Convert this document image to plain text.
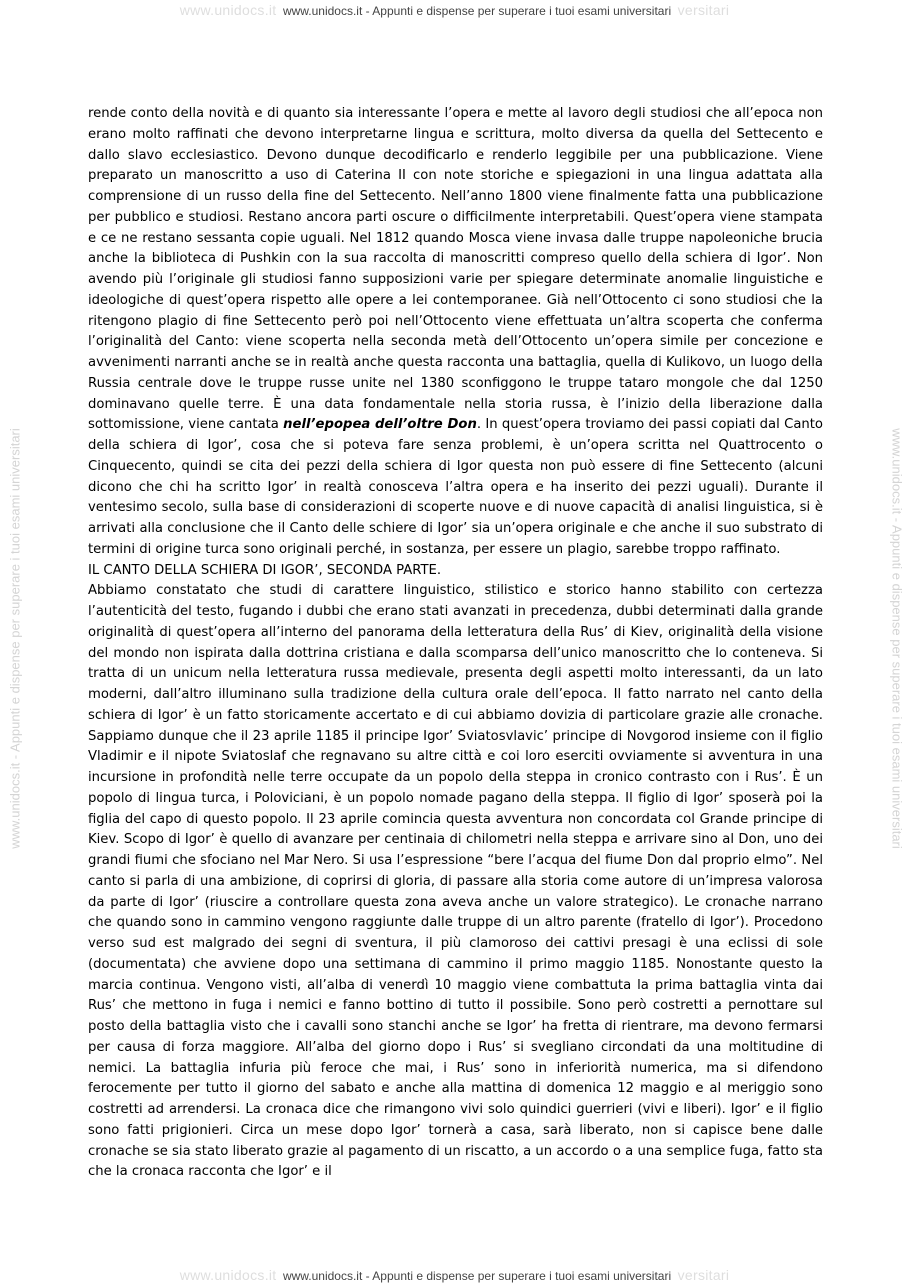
www.unidocs.it www.unidocs.it - Appunti e dispense per superare i tuoi esami universitari versitari
www.unidocs.it - Appunti e dispense per superare i tuoi esami universitari	www.unidocs.it - Appunti e dispense per superare i tuoi esami universitari

rende conto della novità e di quanto sia interessante l’opera e mette al lavoro degli studiosi che all’epoca non erano molto raffinati che devono interpretarne lingua e scrittura, molto diversa da quella del Settecento e dallo slavo ecclesiastico. Devono dunque decodificarlo e renderlo leggibile per una pubblicazione. Viene preparato un manoscritto a uso di Caterina II con note storiche e spiegazioni in una lingua adattata alla comprensione di un russo della fine del Settecento. Nell’anno 1800 viene finalmente fatta una pubblicazione per pubblico e studiosi. Restano ancora parti oscure o difficilmente interpretabili. Quest’opera viene stampata e ce ne restano sessanta copie uguali. Nel 1812 quando Mosca viene invasa dalle truppe napoleoniche brucia anche la biblioteca di Pushkin con la sua raccolta di manoscritti compreso quello della schiera di Igor’. Non avendo più l’originale gli studiosi fanno supposizioni varie per spiegare determinate anomalie linguistiche e ideologiche di quest’opera rispetto alle opere a lei contemporanee. Già nell’Ottocento ci sono studiosi che la ritengono plagio di fine Settecento però poi nell’Ottocento viene effettuata un’altra scoperta che conferma l’originalità del Canto: viene scoperta nella seconda metà dell’Ottocento un’opera simile per concezione e avvenimenti narranti anche se in realtà anche questa racconta una battaglia, quella di Kulikovo, un luogo della Russia centrale dove le truppe russe unite nel 1380 sconfiggono le truppe tataro mongole che dal 1250 dominavano quelle terre. È una data fondamentale nella storia russa, è l’inizio della liberazione dalla sottomissione, viene cantata nell’epopea dell’oltre Don. In quest’opera troviamo dei passi copiati dal Canto della schiera di Igor’, cosa che si poteva fare senza problemi, è un’opera scritta nel Quattrocento o Cinquecento, quindi se cita dei pezzi della schiera di Igor questa non può essere di fine Settecento (alcuni dicono che chi ha scritto Igor’ in realtà conosceva l’altra opera e ha inserito dei pezzi uguali). Durante il ventesimo secolo, sulla base di considerazioni di scoperte nuove e di nuove capacità di analisi linguistica, si è arrivati alla conclusione che il Canto delle schiere di Igor’ sia un’opera originale e che anche il suo substrato di termini di origine turca sono originali perché, in sostanza, per essere un plagio, sarebbe troppo raffinato.

IL CANTO DELLA SCHIERA DI IGOR’, SECONDA PARTE.

Abbiamo constatato che studi di carattere linguistico, stilistico e storico hanno stabilito con certezza l’autenticità del testo, fugando i dubbi che erano stati avanzati in precedenza, dubbi determinati dalla grande originalità di quest’opera all’interno del panorama della letteratura della Rus’ di Kiev, originalità della visione del mondo non ispirata dalla dottrina cristiana e dalla scomparsa dell’unico manoscritto che lo conteneva. Si tratta di un unicum nella letteratura russa medievale, presenta degli aspetti molto interessanti, da un lato moderni, dall’altro illuminano sulla tradizione della cultura orale dell’epoca. Il fatto narrato nel canto della schiera di Igor’ è un fatto storicamente accertato e di cui abbiamo dovizia di particolare grazie alle cronache. Sappiamo dunque che il 23 aprile 1185 il principe Igor’ Sviatosvlavic’ principe di Novgorod insieme con il figlio Vladimir e il nipote Sviatoslaf che regnavano su altre città e coi loro eserciti ovviamente si avventura in una incursione in profondità nelle terre occupate da un popolo della steppa in cronico contrasto con i Rus’. È un popolo di lingua turca, i Poloviciani, è un popolo nomade pagano della steppa. Il figlio di Igor’ sposerà poi la figlia del capo di questo popolo. Il 23 aprile comincia questa avventura non concordata col Grande principe di Kiev. Scopo di Igor’ è quello di avanzare per centinaia di chilometri nella steppa e arrivare sino al Don, uno dei grandi fiumi che sfociano nel Mar Nero. Si usa l’espressione “bere l’acqua del fiume Don dal proprio elmo”. Nel canto si parla di una ambizione, di coprirsi di gloria, di passare alla storia come autore di un’impresa valorosa da parte di Igor’ (riuscire a controllare questa zona aveva anche un valore strategico). Le cronache narrano che quando sono in cammino vengono raggiunte dalle truppe di un altro parente (fratello di Igor’). Procedono verso sud est malgrado dei segni di sventura, il più clamoroso dei cattivi presagi è una eclissi di sole (documentata) che avviene dopo una settimana di cammino il primo maggio 1185. Nonostante questo la marcia continua. Vengono visti, all’alba di venerdì 10 maggio viene combattuta la prima battaglia vinta dai Rus’ che mettono in fuga i nemici e fanno bottino di tutto il possibile. Sono però costretti a pernottare sul posto della battaglia visto che i cavalli sono stanchi anche se Igor’ ha fretta di rientrare, ma devono fermarsi per causa di forza maggiore. All’alba del giorno dopo i Rus’ si svegliano circondati da una moltitudine di nemici. La battaglia infuria più feroce che mai, i Rus’ sono in inferiorità numerica, ma si difendono ferocemente per tutto il giorno del sabato e anche alla mattina di domenica 12 maggio e al meriggio sono costretti ad arrendersi. La cronaca dice che rimangono vivi solo quindici guerrieri (vivi e liberi). Igor’ e il figlio sono fatti prigionieri. Circa un mese dopo Igor’ tornerà a casa, sarà liberato, non si capisce bene dalle cronache se sia stato liberato grazie al pagamento di un riscatto, a un accordo o a una semplice fuga, fatto sta che la cronaca racconta che Igor’ e il

www.unidocs.it www.unidocs.it - Appunti e dispense per superare i tuoi esami universitari versitari
